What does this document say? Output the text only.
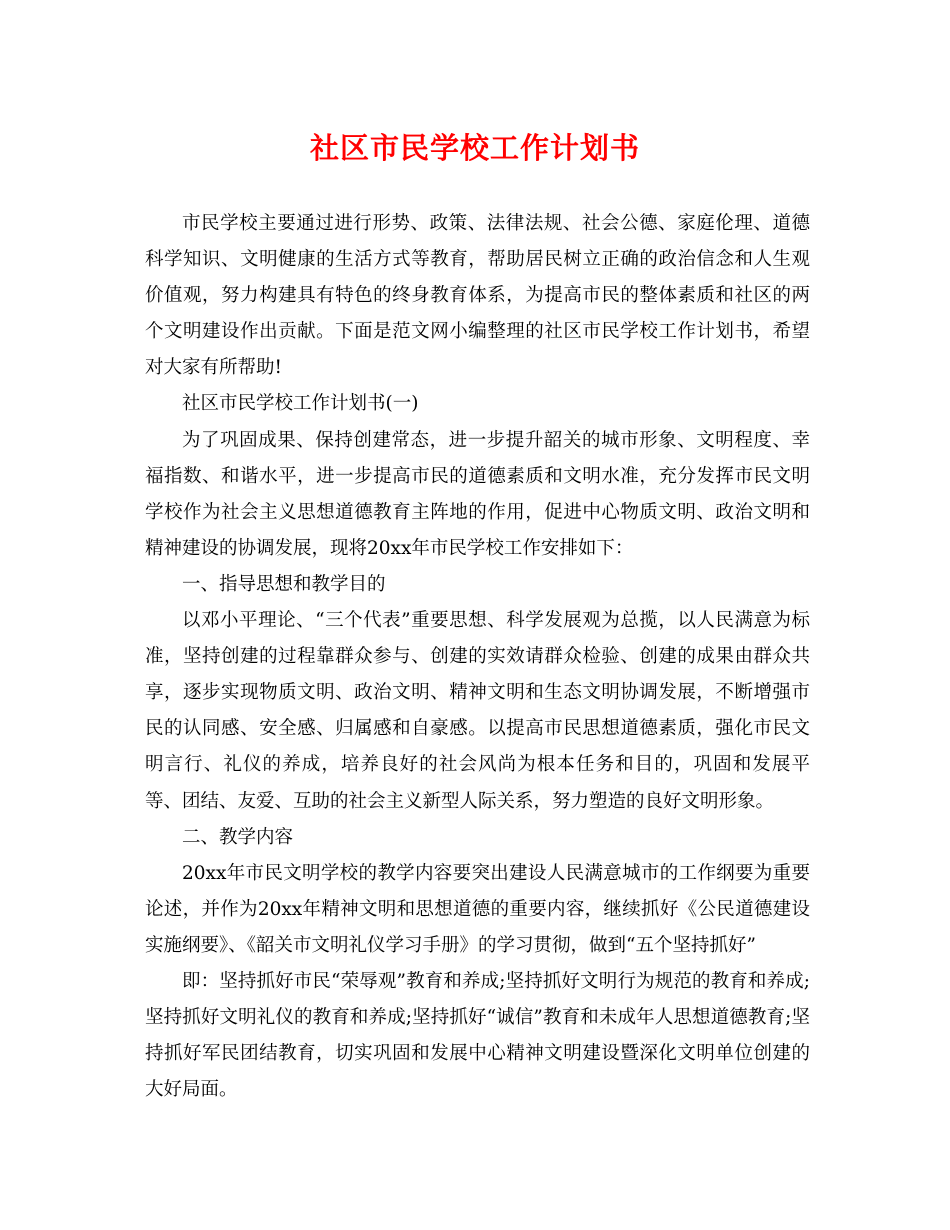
社区市民学校工作计划书

市民学校主要通过进行形势、政策、法律法规、社会公德、家庭伦理、道德科学知识、文明健康的生活方式等教育，帮助居民树立正确的政治信念和人生观价值观，努力构建具有特色的终身教育体系，为提高市民的整体素质和社区的两个文明建设作出贡献。下面是范文网小编整理的社区市民学校工作计划书，希望对大家有所帮助!

社区市民学校工作计划书(一)

为了巩固成果、保持创建常态，进一步提升韶关的城市形象、文明程度、幸福指数、和谐水平，进一步提高市民的道德素质和文明水准，充分发挥市民文明学校作为社会主义思想道德教育主阵地的作用，促进中心物质文明、政治文明和精神建设的协调发展，现将20xx年市民学校工作安排如下：

一、指导思想和教学目的

以邓小平理论、“三个代表”重要思想、科学发展观为总揽，以人民满意为标准，坚持创建的过程靠群众参与、创建的实效请群众检验、创建的成果由群众共享，逐步实现物质文明、政治文明、精神文明和生态文明协调发展，不断增强市民的认同感、安全感、归属感和自豪感。以提高市民思想道德素质，强化市民文明言行、礼仪的养成，培养良好的社会风尚为根本任务和目的，巩固和发展平等、团结、友爱、互助的社会主义新型人际关系，努力塑造的良好文明形象。

二、教学内容

20xx年市民文明学校的教学内容要突出建设人民满意城市的工作纲要为重要论述，并作为20xx年精神文明和思想道德的重要内容，继续抓好《公民道德建设实施纲要》、《韶关市文明礼仪学习手册》的学习贯彻，做到“五个坚持抓好”

即：坚持抓好市民“荣辱观”教育和养成;坚持抓好文明行为规范的教育和养成;坚持抓好文明礼仪的教育和养成;坚持抓好“诚信”教育和未成年人思想道德教育;坚持抓好军民团结教育，切实巩固和发展中心精神文明建设暨深化文明单位创建的大好局面。
